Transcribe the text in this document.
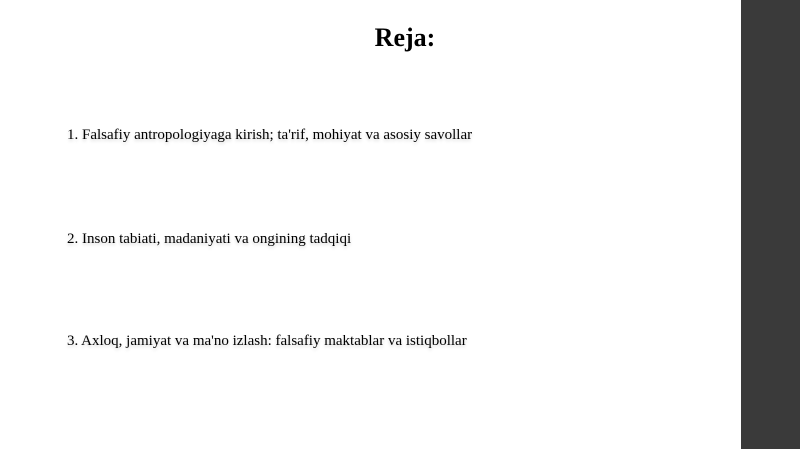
Reja:
1. Falsafiy antropologiyaga kirish; ta'rif, mohiyat va asosiy savollar
2. Inson tabiati, madaniyati va ongining tadqiqi
3. Axloq, jamiyat va ma'no izlash: falsafiy maktablar va istiqbollar
